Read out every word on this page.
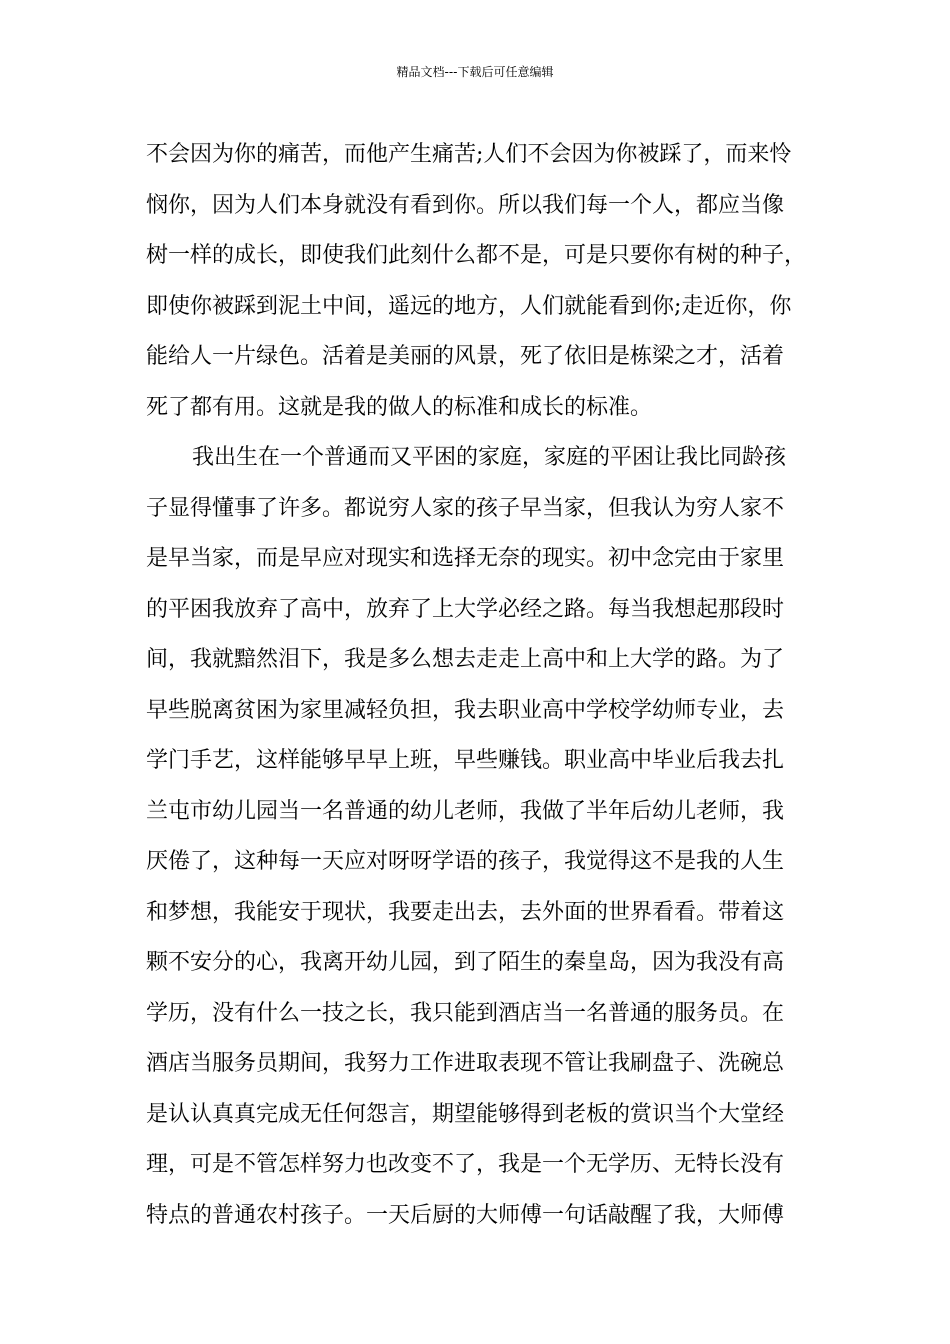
精品文档---下载后可任意编辑
不会因为你的痛苦，而他产生痛苦;人们不会因为你被踩了，而来怜
悯你，因为人们本身就没有看到你。所以我们每一个人，都应当像
树一样的成长，即使我们此刻什么都不是，可是只要你有树的种子，
即使你被踩到泥土中间，遥远的地方，人们就能看到你;走近你，你
能给人一片绿色。活着是美丽的风景，死了依旧是栋梁之才，活着
死了都有用。这就是我的做人的标准和成长的标准。
我出生在一个普通而又平困的家庭，家庭的平困让我比同龄孩
子显得懂事了许多。都说穷人家的孩子早当家，但我认为穷人家不
是早当家，而是早应对现实和选择无奈的现实。初中念完由于家里
的平困我放弃了高中，放弃了上大学必经之路。每当我想起那段时
间，我就黯然泪下，我是多么想去走走上高中和上大学的路。为了
早些脱离贫困为家里减轻负担，我去职业高中学校学幼师专业，去
学门手艺，这样能够早早上班，早些赚钱。职业高中毕业后我去扎
兰屯市幼儿园当一名普通的幼儿老师，我做了半年后幼儿老师，我
厌倦了，这种每一天应对呀呀学语的孩子，我觉得这不是我的人生
和梦想，我能安于现状，我要走出去，去外面的世界看看。带着这
颗不安分的心，我离开幼儿园，到了陌生的秦皇岛，因为我没有高
学历，没有什么一技之长，我只能到酒店当一名普通的服务员。在
酒店当服务员期间，我努力工作进取表现不管让我刷盘子、洗碗总
是认认真真完成无任何怨言，期望能够得到老板的赏识当个大堂经
理，可是不管怎样努力也改变不了，我是一个无学历、无特长没有
特点的普通农村孩子。一天后厨的大师傅一句话敲醒了我，大师傅
